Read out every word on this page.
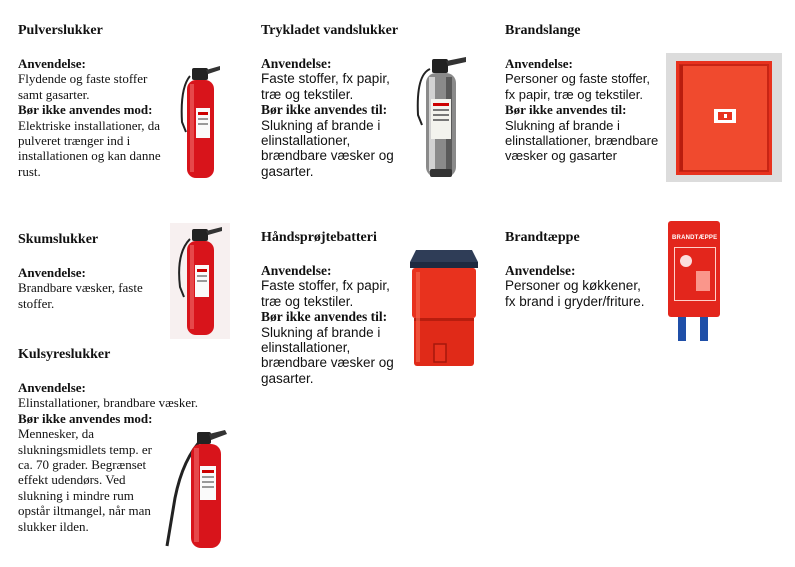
Pulverslukker

Anvendelse:
Flydende og faste stoffer samt gasarter.
Bør ikke anvendes mod: Elektriske installationer, da pulveret trænger ind i installationen og kan danne rust.

Trykladet vandslukker

Anvendelse:
Faste stoffer, fx papir, træ og tekstiler.
Bør ikke anvendes til: Slukning af brande i elinstallationer, brændbare væsker og gasarter.

Brandslange

Anvendelse:
Personer og faste stoffer, fx papir, træ og tekstiler.
Bør ikke anvendes til: Slukning af brande i elinstallationer, brændbare væsker og gasarter

Skumslukker

Anvendelse:
Brandbare væsker, faste stoffer.

Håndsprøjtebatteri

Anvendelse:
Faste stoffer, fx papir, træ og tekstiler.
Bør ikke anvendes til: Slukning af brande i elinstallationer, brændbare væsker og gasarter.

Brandtæppe

Anvendelse:
Personer og køkkener, fx brand i gryder/friture.
BRANDTÆPPE

Kulsyreslukker

Anvendelse:
Elinstallationer, brandbare væsker.
Bør ikke anvendes mod: Mennesker, da slukningsmidlets temp. er ca. 70 grader. Begrænset effekt udendørs. Ved slukning i mindre rum opstår iltmangel, når man slukker ilden.
